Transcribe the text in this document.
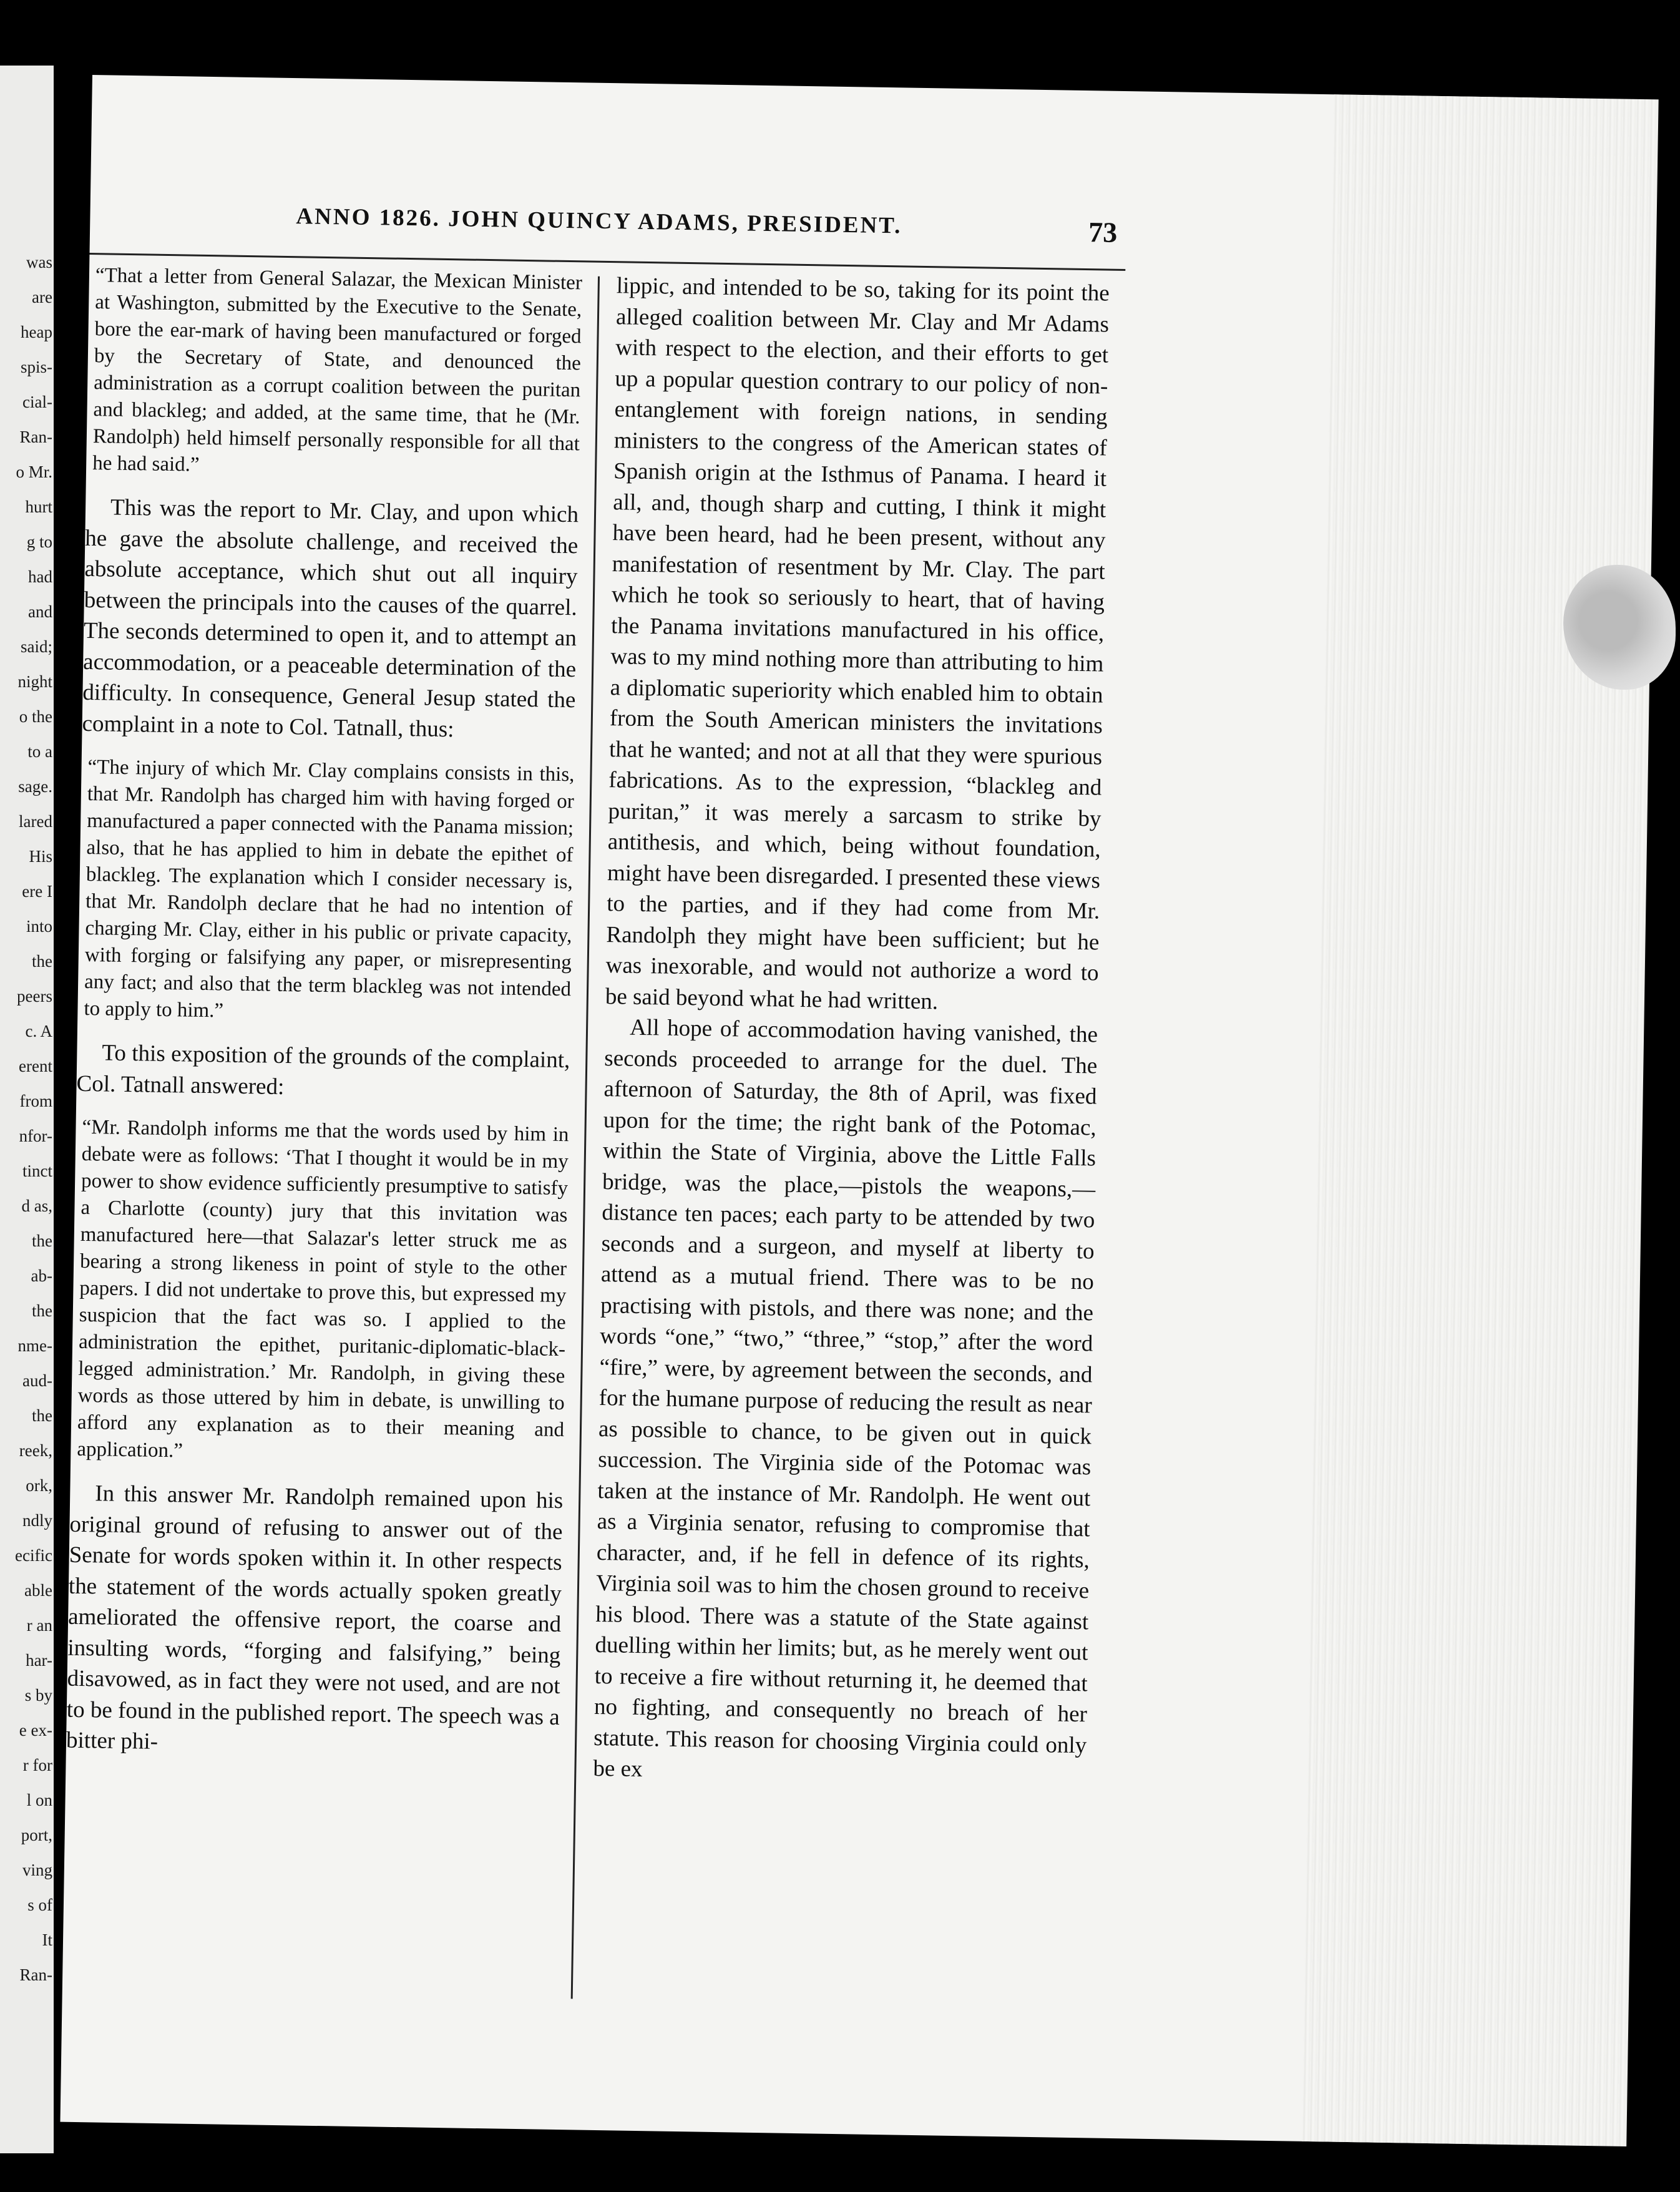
was
are
heap
spis-
cial-
Ran-
o Mr.
hurt
g to
had
and
said;
night
o the
to a
sage.
lared
His
ere I
into
the
peers
c. A
erent
from
nfor-
tinct
d as,
the
ab-
the
nme-
aud-
the
reek,
ork,
ndly
ecific
able
r an
har-
s by
e ex-
r for
l on
port,
ving
s of
It
Ran-
ANNO 1826. JOHN QUINCY ADAMS, PRESIDENT.	73

“That a letter from General Salazar, the Mexican Minister at Washington, submitted by the Executive to the Senate, bore the ear-mark of having been manufactured or forged by the Secretary of State, and denounced the administration as a corrupt coalition between the puritan and blackleg; and added, at the same time, that he (Mr. Randolph) held himself personally responsible for all that he had said.”

This was the report to Mr. Clay, and upon which he gave the absolute challenge, and received the absolute acceptance, which shut out all inquiry between the principals into the causes of the quarrel. The seconds determined to open it, and to attempt an accommodation, or a peaceable determination of the difficulty. In consequence, General Jesup stated the complaint in a note to Col. Tatnall, thus:

“The injury of which Mr. Clay complains consists in this, that Mr. Randolph has charged him with having forged or manufactured a paper connected with the Panama mission; also, that he has applied to him in debate the epithet of blackleg. The explanation which I consider necessary is, that Mr. Randolph declare that he had no intention of charging Mr. Clay, either in his public or private capacity, with forging or falsifying any paper, or misrepresenting any fact; and also that the term blackleg was not intended to apply to him.”

To this exposition of the grounds of the complaint, Col. Tatnall answered:

“Mr. Randolph informs me that the words used by him in debate were as follows: ‘That I thought it would be in my power to show evidence sufficiently presumptive to satisfy a Charlotte (county) jury that this invitation was manufactured here—that Salazar's letter struck me as bearing a strong likeness in point of style to the other papers. I did not undertake to prove this, but expressed my suspicion that the fact was so. I applied to the administration the epithet, puritanic-diplomatic-black-legged administration.’ Mr. Randolph, in giving these words as those uttered by him in debate, is unwilling to afford any explanation as to their meaning and application.”

In this answer Mr. Randolph remained upon his original ground of refusing to answer out of the Senate for words spoken within it. In other respects the statement of the words actually spoken greatly ameliorated the offensive report, the coarse and insulting words, “forging and falsifying,” being disavowed, as in fact they were not used, and are not to be found in the published report. The speech was a bitter phi-

lippic, and intended to be so, taking for its point the alleged coalition between Mr. Clay and Mr Adams with respect to the election, and their efforts to get up a popular question contrary to our policy of non-entanglement with foreign nations, in sending ministers to the congress of the American states of Spanish origin at the Isthmus of Panama. I heard it all, and, though sharp and cutting, I think it might have been heard, had he been present, without any manifestation of resentment by Mr. Clay. The part which he took so seriously to heart, that of having the Panama invitations manufactured in his office, was to my mind nothing more than attributing to him a diplomatic superiority which enabled him to obtain from the South American ministers the invitations that he wanted; and not at all that they were spurious fabrications. As to the expression, “blackleg and puritan,” it was merely a sarcasm to strike by antithesis, and which, being without foundation, might have been disregarded. I presented these views to the parties, and if they had come from Mr. Randolph they might have been sufficient; but he was inexorable, and would not authorize a word to be said beyond what he had written.

All hope of accommodation having vanished, the seconds proceeded to arrange for the duel. The afternoon of Saturday, the 8th of April, was fixed upon for the time; the right bank of the Potomac, within the State of Virginia, above the Little Falls bridge, was the place,—pistols the weapons,—distance ten paces; each party to be attended by two seconds and a surgeon, and myself at liberty to attend as a mutual friend. There was to be no practising with pistols, and there was none; and the words “one,” “two,” “three,” “stop,” after the word “fire,” were, by agreement between the seconds, and for the humane purpose of reducing the result as near as possible to chance, to be given out in quick succession. The Virginia side of the Potomac was taken at the instance of Mr. Randolph. He went out as a Virginia senator, refusing to compromise that character, and, if he fell in defence of its rights, Virginia soil was to him the chosen ground to receive his blood. There was a statute of the State against duelling within her limits; but, as he merely went out to receive a fire without returning it, he deemed that no fighting, and consequently no breach of her statute. This reason for choosing Virginia could only be ex
